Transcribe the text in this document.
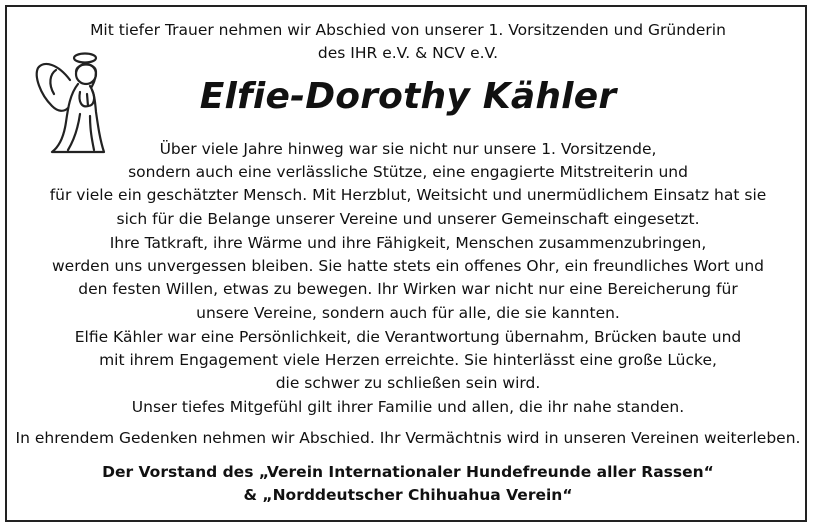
Mit tiefer Trauer nehmen wir Abschied von unserer 1. Vorsitzenden und Gründerin
des IHR e.V. & NCV e.V.
Elfie-Dorothy Kähler
Über viele Jahre hinweg war sie nicht nur unsere 1. Vorsitzende,
sondern auch eine verlässliche Stütze, eine engagierte Mitstreiterin und
für viele ein geschätzter Mensch. Mit Herzblut, Weitsicht und unermüdlichem Einsatz hat sie
sich für die Belange unserer Vereine und unserer Gemeinschaft eingesetzt.
Ihre Tatkraft, ihre Wärme und ihre Fähigkeit, Menschen zusammenzubringen,
werden uns unvergessen bleiben. Sie hatte stets ein offenes Ohr, ein freundliches Wort und
den festen Willen, etwas zu bewegen. Ihr Wirken war nicht nur eine Bereicherung für
unsere Vereine, sondern auch für alle, die sie kannten.
Elfie Kähler war eine Persönlichkeit, die Verantwortung übernahm, Brücken baute und
mit ihrem Engagement viele Herzen erreichte. Sie hinterlässt eine große Lücke,
die schwer zu schließen sein wird.
Unser tiefes Mitgefühl gilt ihrer Familie und allen, die ihr nahe standen.
In ehrendem Gedenken nehmen wir Abschied. Ihr Vermächtnis wird in unseren Vereinen weiterleben.
Der Vorstand des „Verein Internationaler Hundefreunde aller Rassen“
& „Norddeutscher Chihuahua Verein“
